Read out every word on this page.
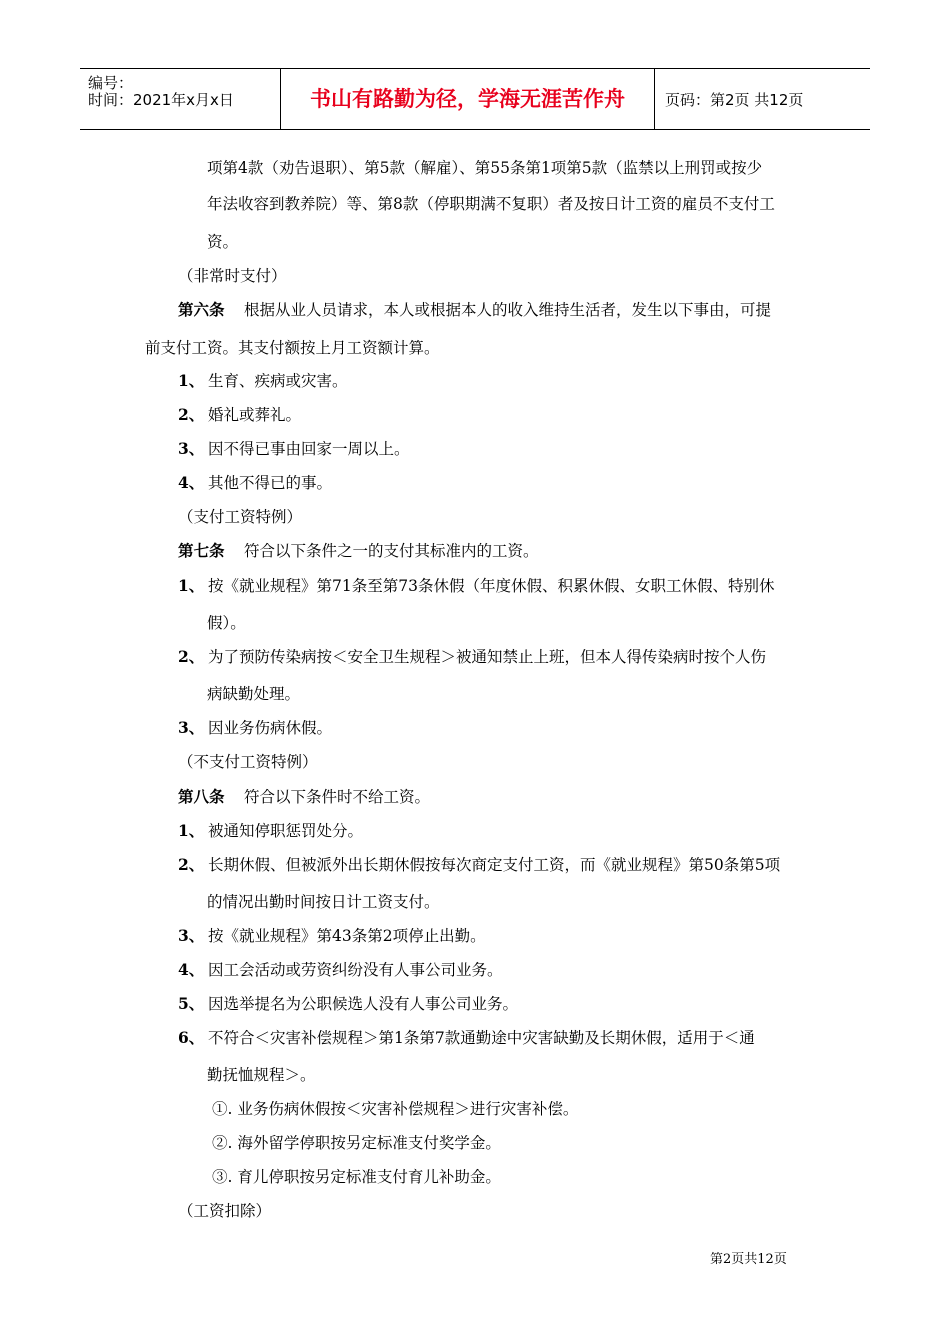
编号：
时间：2021年x月x日	书山有路勤为径，学海无涯苦作舟	页码：第2页 共12页
项第4款（劝告退职）、第5款（解雇）、第55条第1项第5款（监禁以上刑罚或按少
年法收容到教养院）等、第8款（停职期满不复职）者及按日计工资的雇员不支付工
资。
（非常时支付）
第六条 根据从业人员请求，本人或根据本人的收入维持生活者，发生以下事由，可提
前支付工资。其支付额按上月工资额计算。
1、 生育、疾病或灾害。
2、 婚礼或葬礼。
3、 因不得已事由回家一周以上。
4、 其他不得已的事。
（支付工资特例）
第七条 符合以下条件之一的支付其标准内的工资。
1、 按《就业规程》第71条至第73条休假（年度休假、积累休假、女职工休假、特别休
假）。
2、 为了预防传染病按＜安全卫生规程＞被通知禁止上班，但本人得传染病时按个人伤
病缺勤处理。
3、 因业务伤病休假。
（不支付工资特例）
第八条 符合以下条件时不给工资。
1、 被通知停职惩罚处分。
2、 长期休假、但被派外出长期休假按每次商定支付工资，而《就业规程》第50条第5项
的情况出勤时间按日计工资支付。
3、 按《就业规程》第43条第2项停止出勤。
4、 因工会活动或劳资纠纷没有人事公司业务。
5、 因选举提名为公职候选人没有人事公司业务。
6、 不符合＜灾害补偿规程＞第1条第7款通勤途中灾害缺勤及长期休假，适用于＜通
勤抚恤规程＞。
①. 业务伤病休假按＜灾害补偿规程＞进行灾害补偿。
②. 海外留学停职按另定标准支付奖学金。
③. 育儿停职按另定标准支付育儿补助金。
（工资扣除）
第2页共12页
